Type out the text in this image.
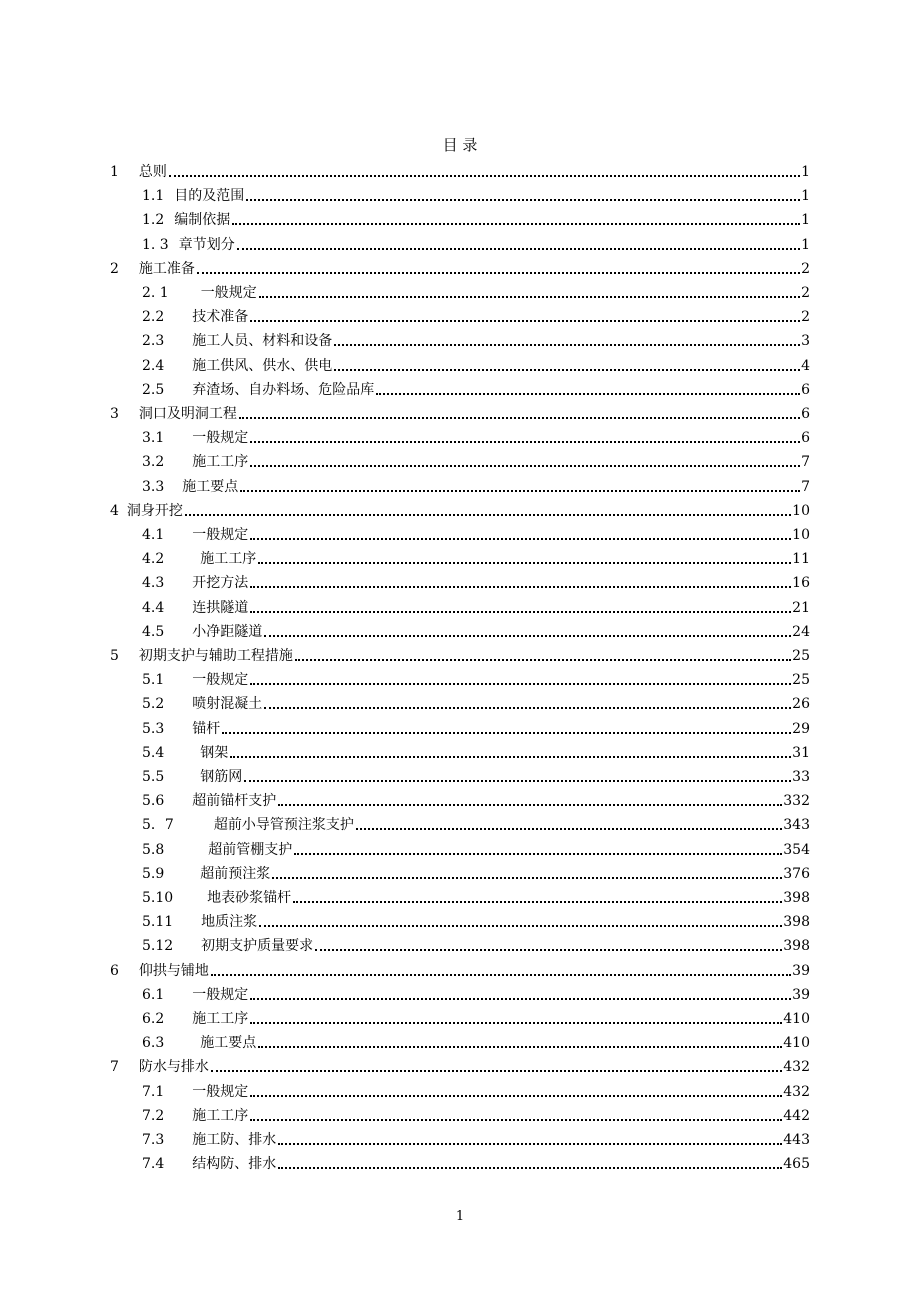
目 录
1 总则	1
1.1 目的及范围	1
1.2 编制依据	1
1. 3 章节划分	1
2 施工准备	2
2. 1 一般规定	2
2.2 技术准备	2
2.3 施工人员、材料和设备	3
2.4 施工供风、供水、供电	4
2.5 弃渣场、自办料场、危险品库	6
3 洞口及明洞工程	6
3.1 一般规定	6
3.2 施工工序	7
3.3 施工要点	7
4 洞身开挖	10
4.1 一般规定	10
4.2	施工工序	11
4.3 开挖方法	16
4.4 连拱隧道	21
4.5 小净距隧道	24
5 初期支护与辅助工程措施	25
5.1 一般规定	25
5.2 喷射混凝土	26
5.3 锚杆	29
5.4	钢架	31
5.5	钢筋网	33
5.6 超前锚杆支护	332
5．7	超前小导管预注浆支护	343
5.8	超前管棚支护	354
5.9	超前预注浆	376
5.10 地表砂浆锚杆	398
5.11 地质注浆	398
5.12 初期支护质量要求	398
6 仰拱与铺地	39
6.1 一般规定	39
6.2 施工工序	410
6.3	施工要点	410
7 防水与排水	432
7.1 一般规定	432
7.2 施工工序	442
7.3 施工防、排水	443
7.4 结构防、排水	465
1
